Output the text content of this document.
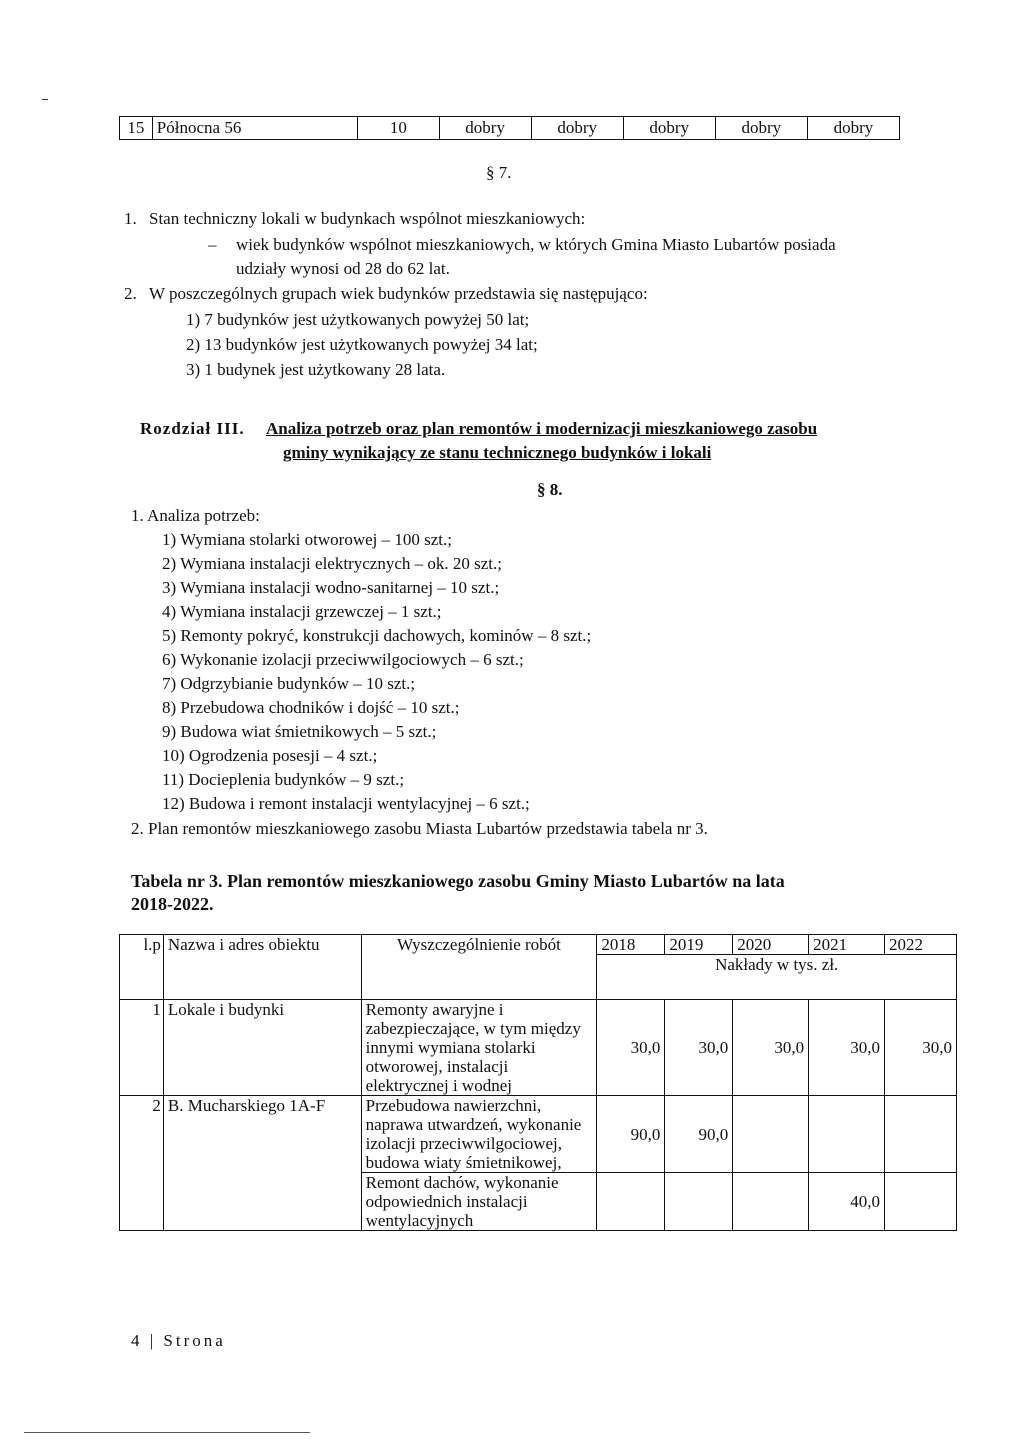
15	Północna 56	10	dobry	dobry	dobry	dobry	dobry
§ 7.
1. Stan techniczny lokali w budynkach wspólnot mieszkaniowych:
– wiek budynków wspólnot mieszkaniowych, w których Gmina Miasto Lubartów posiada
udziały wynosi od 28 do 62 lat.
2. W poszczególnych grupach wiek budynków przedstawia się następująco:
1) 7 budynków jest użytkowanych powyżej 50 lat;
2) 13 budynków jest użytkowanych powyżej 34 lat;
3) 1 budynek jest użytkowany 28 lata.
Rozdział III. Analiza potrzeb oraz plan remontów i modernizacji mieszkaniowego zasobu
gminy wynikający ze stanu technicznego budynków i lokali
§ 8.
1. Analiza potrzeb:
1) Wymiana stolarki otworowej – 100 szt.;
2) Wymiana instalacji elektrycznych – ok. 20 szt.;
3) Wymiana instalacji wodno-sanitarnej – 10 szt.;
4) Wymiana instalacji grzewczej – 1 szt.;
5) Remonty pokryć, konstrukcji dachowych, kominów – 8 szt.;
6) Wykonanie izolacji przeciwwilgociowych – 6 szt.;
7) Odgrzybianie budynków – 10 szt.;
8) Przebudowa chodników i dojść – 10 szt.;
9) Budowa wiat śmietnikowych – 5 szt.;
10) Ogrodzenia posesji – 4 szt.;
11) Docieplenia budynków – 9 szt.;
12) Budowa i remont instalacji wentylacyjnej – 6 szt.;
2. Plan remontów mieszkaniowego zasobu Miasta Lubartów przedstawia tabela nr 3.
Tabela nr 3. Plan remontów mieszkaniowego zasobu Gminy Miasto Lubartów na lata
2018-2022.
l.p	Nazwa i adres obiektu	Wyszczególnienie robót	2018	2019	2020	2021	2022
			Nakłady w tys. zł.				
1	Lokale i budynki	Remonty awaryjne i zabezpieczające, w tym między innymi wymiana stolarki otworowej, instalacji elektrycznej i wodnej	30,0	30,0	30,0	30,0	30,0
2	B. Mucharskiego 1A-F	Przebudowa nawierzchni, naprawa utwardzeń, wykonanie izolacji przeciwwilgociowej, budowa wiaty śmietnikowej,	90,0	90,0			
		Remont dachów, wykonanie odpowiednich instalacji wentylacyjnych				40,0	
4 | Strona
